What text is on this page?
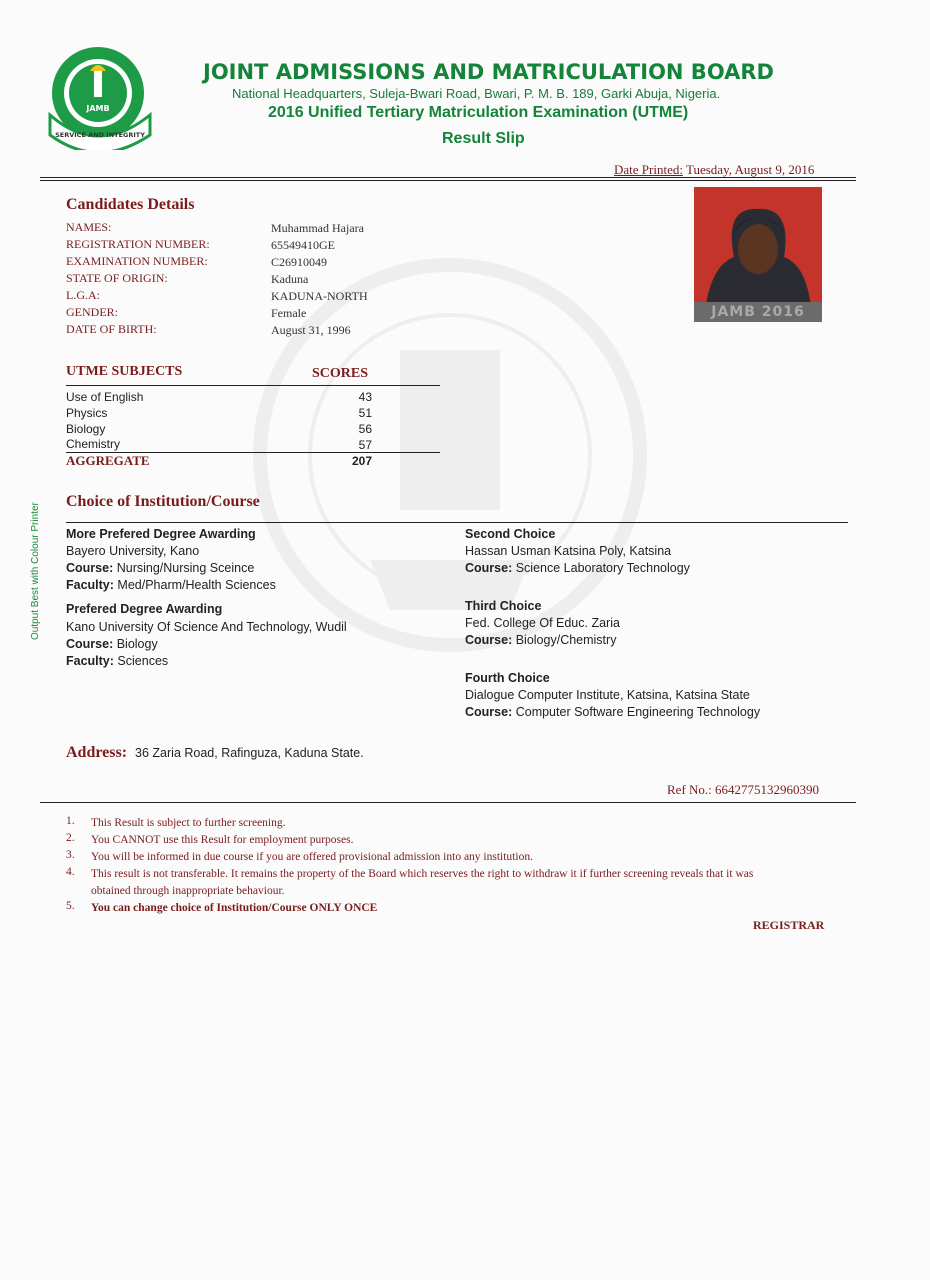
JAMB
SERVICE AND INTEGRITY
JOINT ADMISSIONS AND MATRICULATION BOARD
National Headquarters, Suleja-Bwari Road, Bwari, P. M. B. 189, Garki Abuja, Nigeria.
2016 Unified Tertiary Matriculation Examination (UTME)
Result Slip
Date Printed: Tuesday, August 9, 2016
Output Best with Colour Printer
Candidates Details
NAMES:	Muhammad Hajara
REGISTRATION NUMBER:	65549410GE
EXAMINATION NUMBER:	C26910049
STATE OF ORIGIN:	Kaduna
L.G.A:	KADUNA-NORTH
GENDER:	Female
DATE OF BIRTH:	August 31, 1996
JAMB 2016
UTME SUBJECTS	SCORES
Use of English	43
Physics	51
Biology	56
Chemistry	57
AGGREGATE	207
Choice of Institution/Course
More Prefered Degree Awarding
Bayero University, Kano
Course: Nursing/Nursing Sceince
Faculty: Med/Pharm/Health Sciences
Prefered Degree Awarding
Kano University Of Science And Technology, Wudil
Course: Biology
Faculty: Sciences
Second Choice
Hassan Usman Katsina Poly, Katsina
Course: Science Laboratory Technology
Third Choice
Fed. College Of Educ. Zaria
Course: Biology/Chemistry
Fourth Choice
Dialogue Computer Institute, Katsina, Katsina State
Course: Computer Software Engineering Technology
Address: 36 Zaria Road, Rafinguza, Kaduna State.
Ref No.: 6642775132960390
1. This Result is subject to further screening.
2. You CANNOT use this Result for employment purposes.
3. You will be informed in due course if you are offered provisional admission into any institution.
4. This result is not transferable. It remains the property of the Board which reserves the right to withdraw it if further screening reveals that it was obtained through inappropriate behaviour.
5. You can change choice of Institution/Course ONLY ONCE
REGISTRAR
